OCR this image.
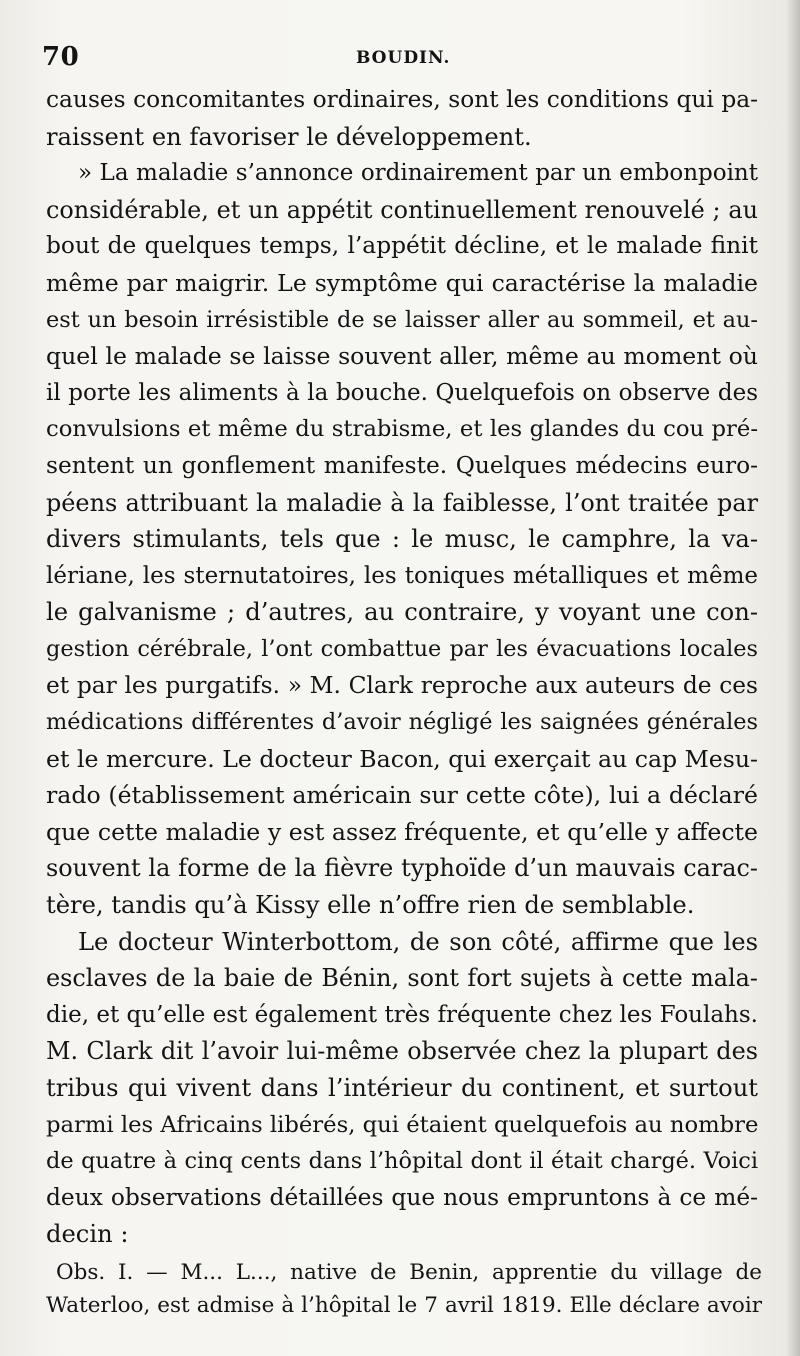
70	BOUDIN.
causes concomitantes ordinaires, sont les conditions qui pa-
raissent en favoriser le développement.
» La maladie s’annonce ordinairement par un embonpoint
considérable, et un appétit continuellement renouvelé ; au
bout de quelques temps, l’appétit décline, et le malade finit
même par maigrir. Le symptôme qui caractérise la maladie
est un besoin irrésistible de se laisser aller au sommeil, et au-
quel le malade se laisse souvent aller, même au moment où
il porte les aliments à la bouche. Quelquefois on observe des
convulsions et même du strabisme, et les glandes du cou pré-
sentent un gonflement manifeste. Quelques médecins euro-
péens attribuant la maladie à la faiblesse, l’ont traitée par
divers stimulants, tels que : le musc, le camphre, la va-
lériane, les sternutatoires, les toniques métalliques et même
le galvanisme ; d’autres, au contraire, y voyant une con-
gestion cérébrale, l’ont combattue par les évacuations locales
et par les purgatifs. » M. Clark reproche aux auteurs de ces
médications différentes d’avoir négligé les saignées générales
et le mercure. Le docteur Bacon, qui exerçait au cap Mesu-
rado (établissement américain sur cette côte), lui a déclaré
que cette maladie y est assez fréquente, et qu’elle y affecte
souvent la forme de la fièvre typhoïde d’un mauvais carac-
tère, tandis qu’à Kissy elle n’offre rien de semblable.
Le docteur Winterbottom, de son côté, affirme que les
esclaves de la baie de Bénin, sont fort sujets à cette mala-
die, et qu’elle est également très fréquente chez les Foulahs.
M. Clark dit l’avoir lui-même observée chez la plupart des
tribus qui vivent dans l’intérieur du continent, et surtout
parmi les Africains libérés, qui étaient quelquefois au nombre
de quatre à cinq cents dans l’hôpital dont il était chargé. Voici
deux observations détaillées que nous empruntons à ce mé-
decin :
Obs. I. — M... L..., native de Benin, apprentie du village de
Waterloo, est admise à l’hôpital le 7 avril 1819. Elle déclare avoir
